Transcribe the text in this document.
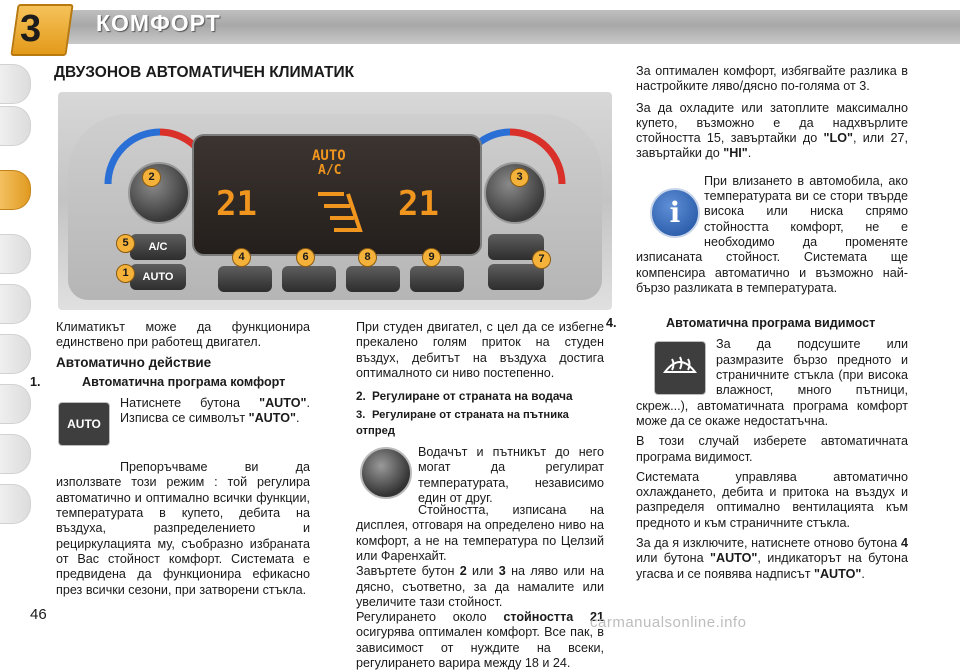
3 КОМФОРТ
ДВУЗОНОВ АВТОМАТИЧЕН КЛИМАТИК
AUTO
A/C
21	21
A/C
AUTO
2	3
5
1
4	6	8	9	7

Климатикът може да функционира единствено при работещ двигател.

Автоматично действие
1.	Автоматична програма комфорт
AUTO

Натиснете бутона "AUTO". Изписва се символът "AUTO".

Препоръчваме ви да използвате този режим : той регулира автоматично и оптимално всички функции, температурата в купето, дебита на въздуха, разпределението и рециркулацията му, съобразно избраната от Вас стойност комфорт. Системата е предвидена да функционира ефикасно през всички сезони, при затворени стъкла.

При студен двигател, с цел да се избегне прекалено голям приток на студен въздух, дебитът на въздуха достига оптималното си ниво постепенно.

2. Регулиране от страната на водача
3. Регулиране от страната на пътника отпред

Водачът и пътникът до него могат да регулират температурата, независимо един от друг.

Стойността, изписана на дисплея, отговаря на определено ниво на комфорт, а не на температура по Целзий или Фаренхайт.

Завъртете бутон 2 или 3 на ляво или на дясно, съответно, за да намалите или увеличите тази стойност.

Регулирането около стойността 21 осигурява оптимален комфорт. Все пак, в зависимост от нуждите на всеки, регулирането варира между 18 и 24.

За оптимален комфорт, избягвайте разлика в настройките ляво/дясно по-голяма от 3.

За да охладите или затоплите максимално купето, възможно е да надхвърлите стойността 15, завъртайки до "LO", или 27, завъртайки до "HI".

i

При влизането в автомобила, ако температурата ви се стори твърде висока или ниска спрямо стойността комфорт, не е необходимо да променяте изписаната стойност. Системата ще компенсира автоматично и възможно най-бързо разликата в температурата.

4.	Автоматична програма видимост

За да подсушите или размразите бързо предното и страничните стъкла (при висока влажност, много пътници, скреж...), автоматичната програма комфорт може да се окаже недостатъчна.

В този случай изберете автоматичната програма видимост.

Системата управлява автоматично охлаждането, дебита и притока на въздух и разпределя оптимално вентилацията към предното и към страничните стъкла.

За да я изключите, натиснете отново бутона 4 или бутона "AUTO", индикаторът на бутона угасва и се появява надписът "AUTO".

46	carmanualsonline.info
